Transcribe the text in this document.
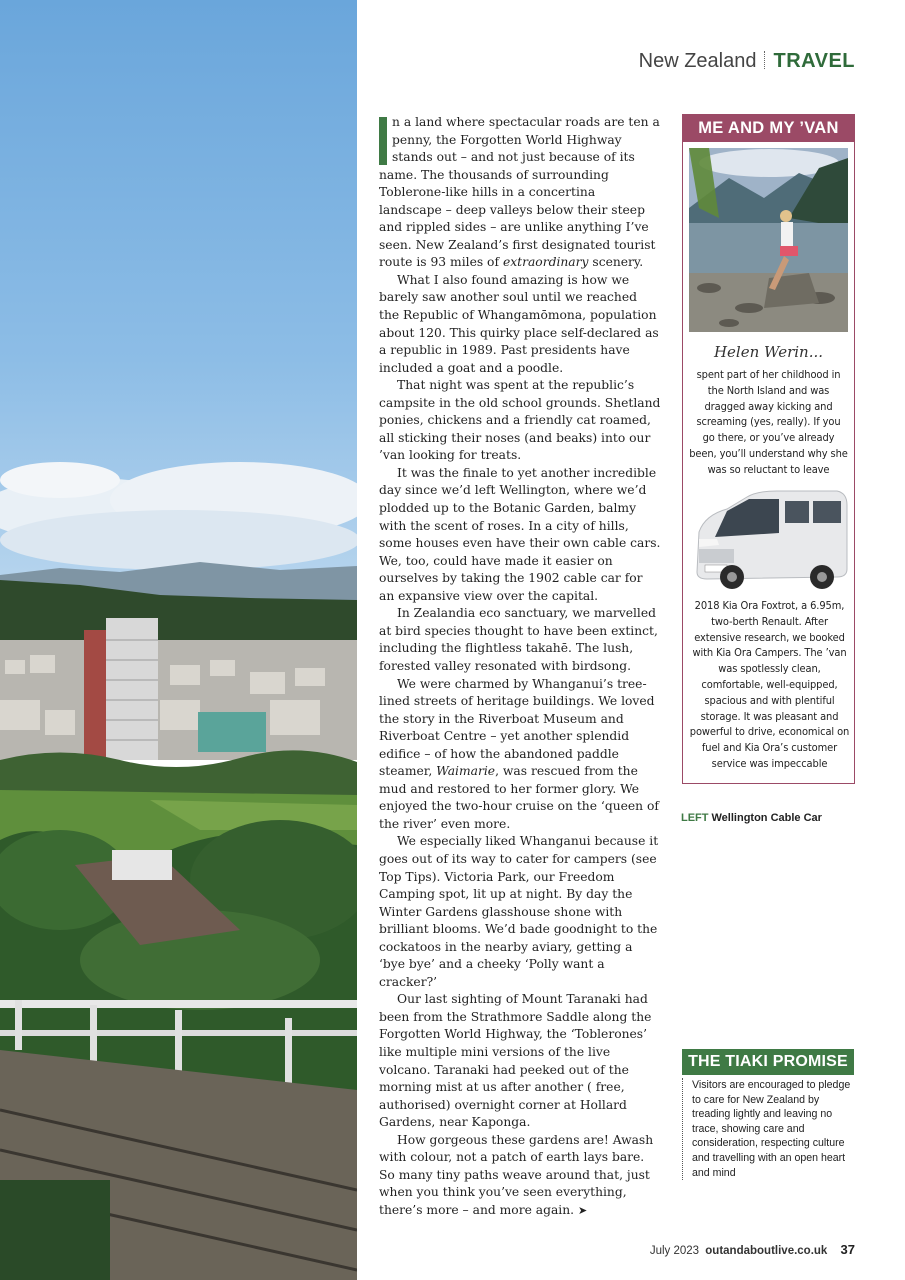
New Zealand TRAVEL

n a land where spectacular roads are ten a penny, the Forgotten World Highway stands out – and not just because of its name. The thousands of surrounding Toblerone-like hills in a concertina landscape – deep valleys below their steep and rippled sides – are unlike anything I’ve seen. New Zealand’s first designated tourist route is 93 miles of extraordinary scenery.

What I also found amazing is how we barely saw another soul until we reached the Republic of Whangamōmona, population about 120. This quirky place self-declared as a republic in 1989. Past presidents have included a goat and a poodle.

That night was spent at the republic’s campsite in the old school grounds. Shetland ponies, chickens and a friendly cat roamed, all sticking their noses (and beaks) into our ’van looking for treats.

It was the finale to yet another incredible day since we’d left Wellington, where we’d plodded up to the Botanic Garden, balmy with the scent of roses. In a city of hills, some houses even have their own cable cars. We, too, could have made it easier on ourselves by taking the 1902 cable car for an expansive view over the capital.

In Zealandia eco sanctuary, we marvelled at bird species thought to have been extinct, including the flightless takahē. The lush, forested valley resonated with birdsong.

We were charmed by Whanganui’s tree-lined streets of heritage buildings. We loved the story in the Riverboat Museum and Riverboat Centre – yet another splendid edifice – of how the abandoned paddle steamer, Waimarie, was rescued from the mud and restored to her former glory. We enjoyed the two-hour cruise on the ‘queen of the river’ even more.

We especially liked Whanganui because it goes out of its way to cater for campers (see Top Tips). Victoria Park, our Freedom Camping spot, lit up at night. By day the Winter Gardens glasshouse shone with brilliant blooms. We’d bade goodnight to the cockatoos in the nearby aviary, getting a ‘bye bye’ and a cheeky ‘Polly want a cracker?’

Our last sighting of Mount Taranaki had been from the Strathmore Saddle along the Forgotten World Highway, the ‘Toblerones’ like multiple mini versions of the live volcano. Taranaki had peeked out of the morning mist at us after another ( free, authorised) overnight corner at Hollard Gardens, near Kaponga.

How gorgeous these gardens are! Awash with colour, not a patch of earth lays bare. So many tiny paths weave around that, just when you think you’ve seen everything, there’s more – and more again. ➤

ME AND MY ’VAN
Helen Werin...
spent part of her childhood in the North Island and was dragged away kicking and screaming (yes, really). If you go there, or you’ve already been, you’ll understand why she was so reluctant to leave
2018 Kia Ora Foxtrot, a 6.95m, two-berth Renault. After extensive research, we booked with Kia Ora Campers. The ’van was spotlessly clean, comfortable, well-equipped, spacious and with plentiful storage. It was pleasant and powerful to drive, economical on fuel and Kia Ora’s customer service was impeccable
LEFT Wellington Cable Car
THE TIAKI PROMISE
Visitors are encouraged to pledge to care for New Zealand by treading lightly and leaving no trace, showing care and consideration, respecting culture and travelling with an open heart and mind
July 2023 outandaboutlive.co.uk 37
